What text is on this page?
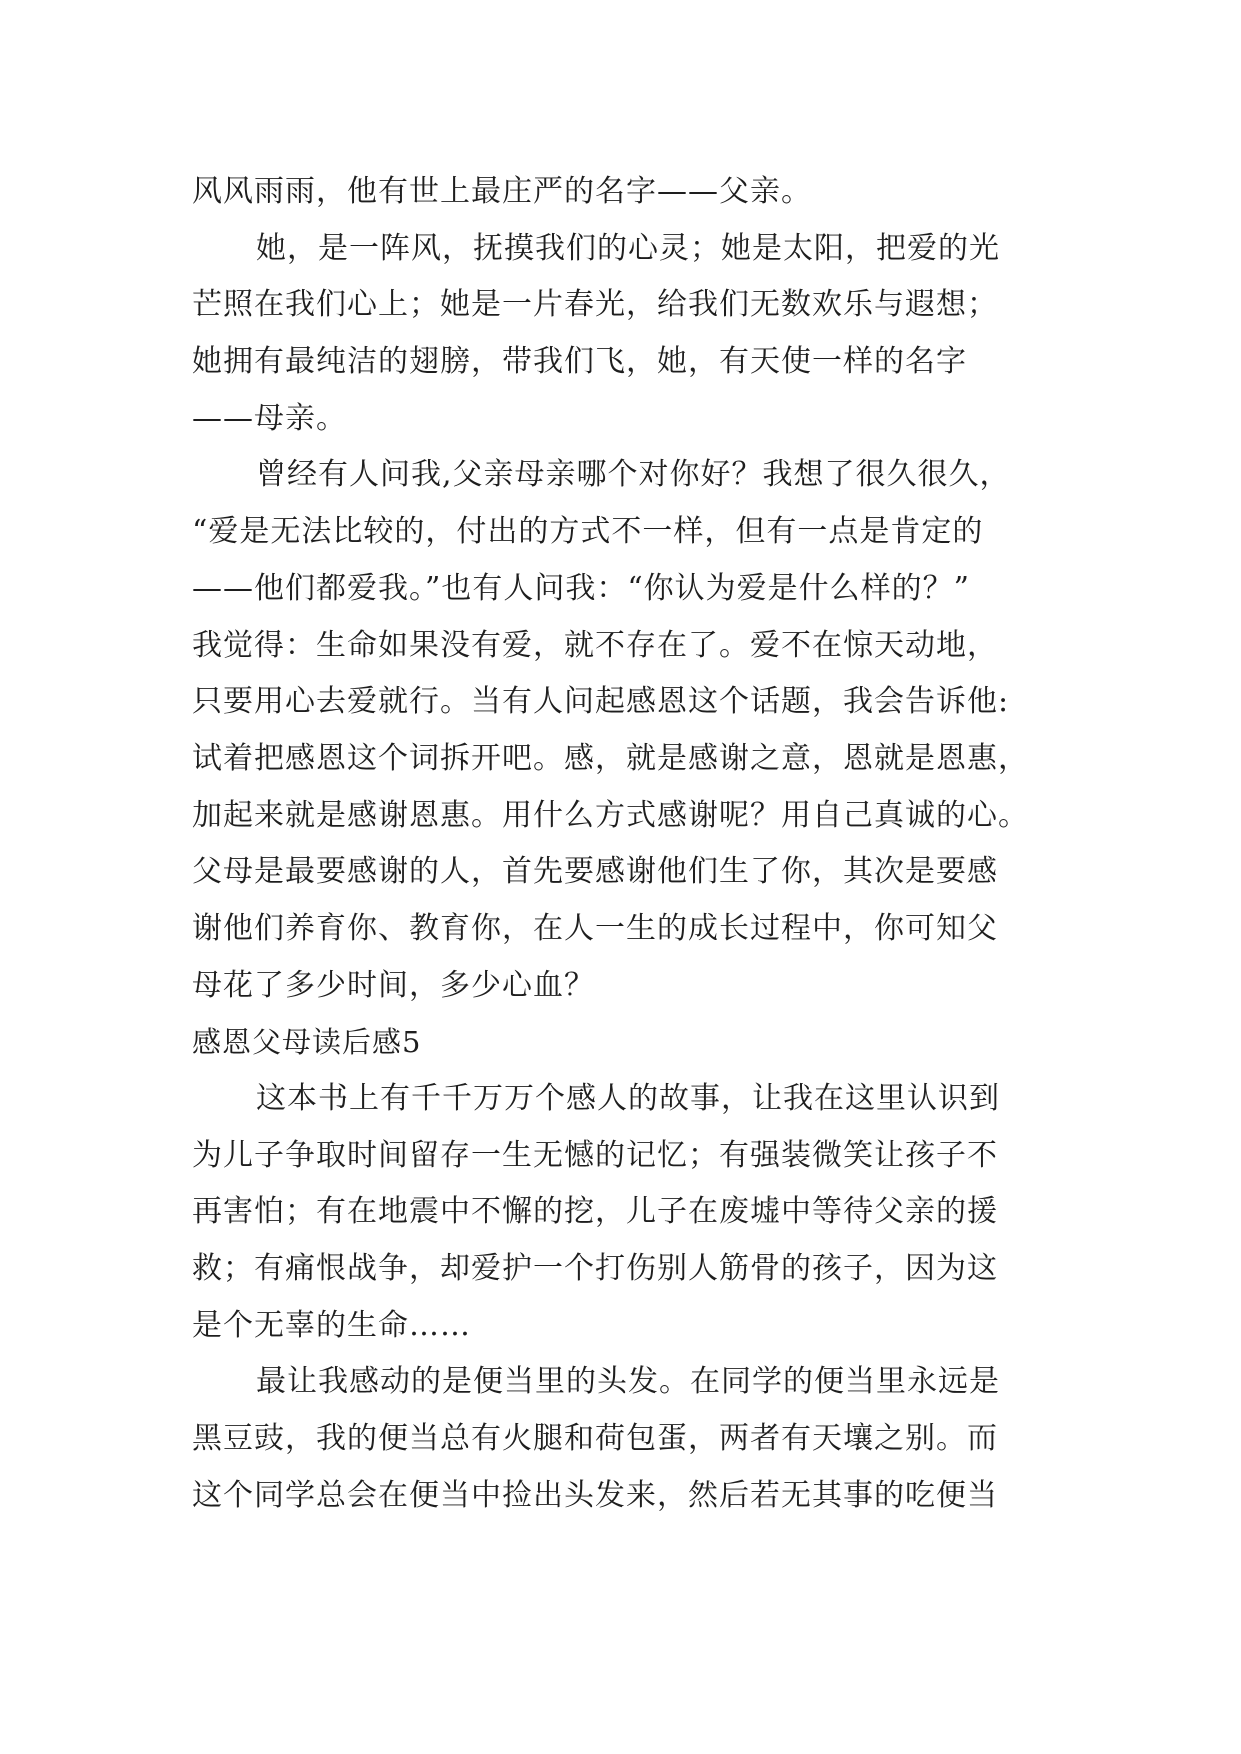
风风雨雨，他有世上最庄严的名字——父亲。
她，是一阵风，抚摸我们的心灵；她是太阳，把爱的光
芒照在我们心上；她是一片春光，给我们无数欢乐与遐想；
她拥有最纯洁的翅膀，带我们飞，她，有天使一样的名字
——母亲。
曾经有人问我,父亲母亲哪个对你好？我想了很久很久，
“爱是无法比较的，付出的方式不一样，但有一点是肯定的
——他们都爱我。”也有人问我：“你认为爱是什么样的？”
我觉得：生命如果没有爱，就不存在了。爱不在惊天动地，
只要用心去爱就行。当有人问起感恩这个话题，我会告诉他:
试着把感恩这个词拆开吧。感，就是感谢之意，恩就是恩惠，
加起来就是感谢恩惠。用什么方式感谢呢？用自己真诚的心。
父母是最要感谢的人，首先要感谢他们生了你，其次是要感
谢他们养育你、教育你，在人一生的成长过程中，你可知父
母花了多少时间，多少心血？
感恩父母读后感5
这本书上有千千万万个感人的故事，让我在这里认识到
为儿子争取时间留存一生无憾的记忆；有强装微笑让孩子不
再害怕；有在地震中不懈的挖，儿子在废墟中等待父亲的援
救；有痛恨战争，却爱护一个打伤别人筋骨的孩子，因为这
是个无辜的生命……
最让我感动的是便当里的头发。在同学的便当里永远是
黑豆豉，我的便当总有火腿和荷包蛋，两者有天壤之别。而
这个同学总会在便当中捡出头发来，然后若无其事的吃便当
